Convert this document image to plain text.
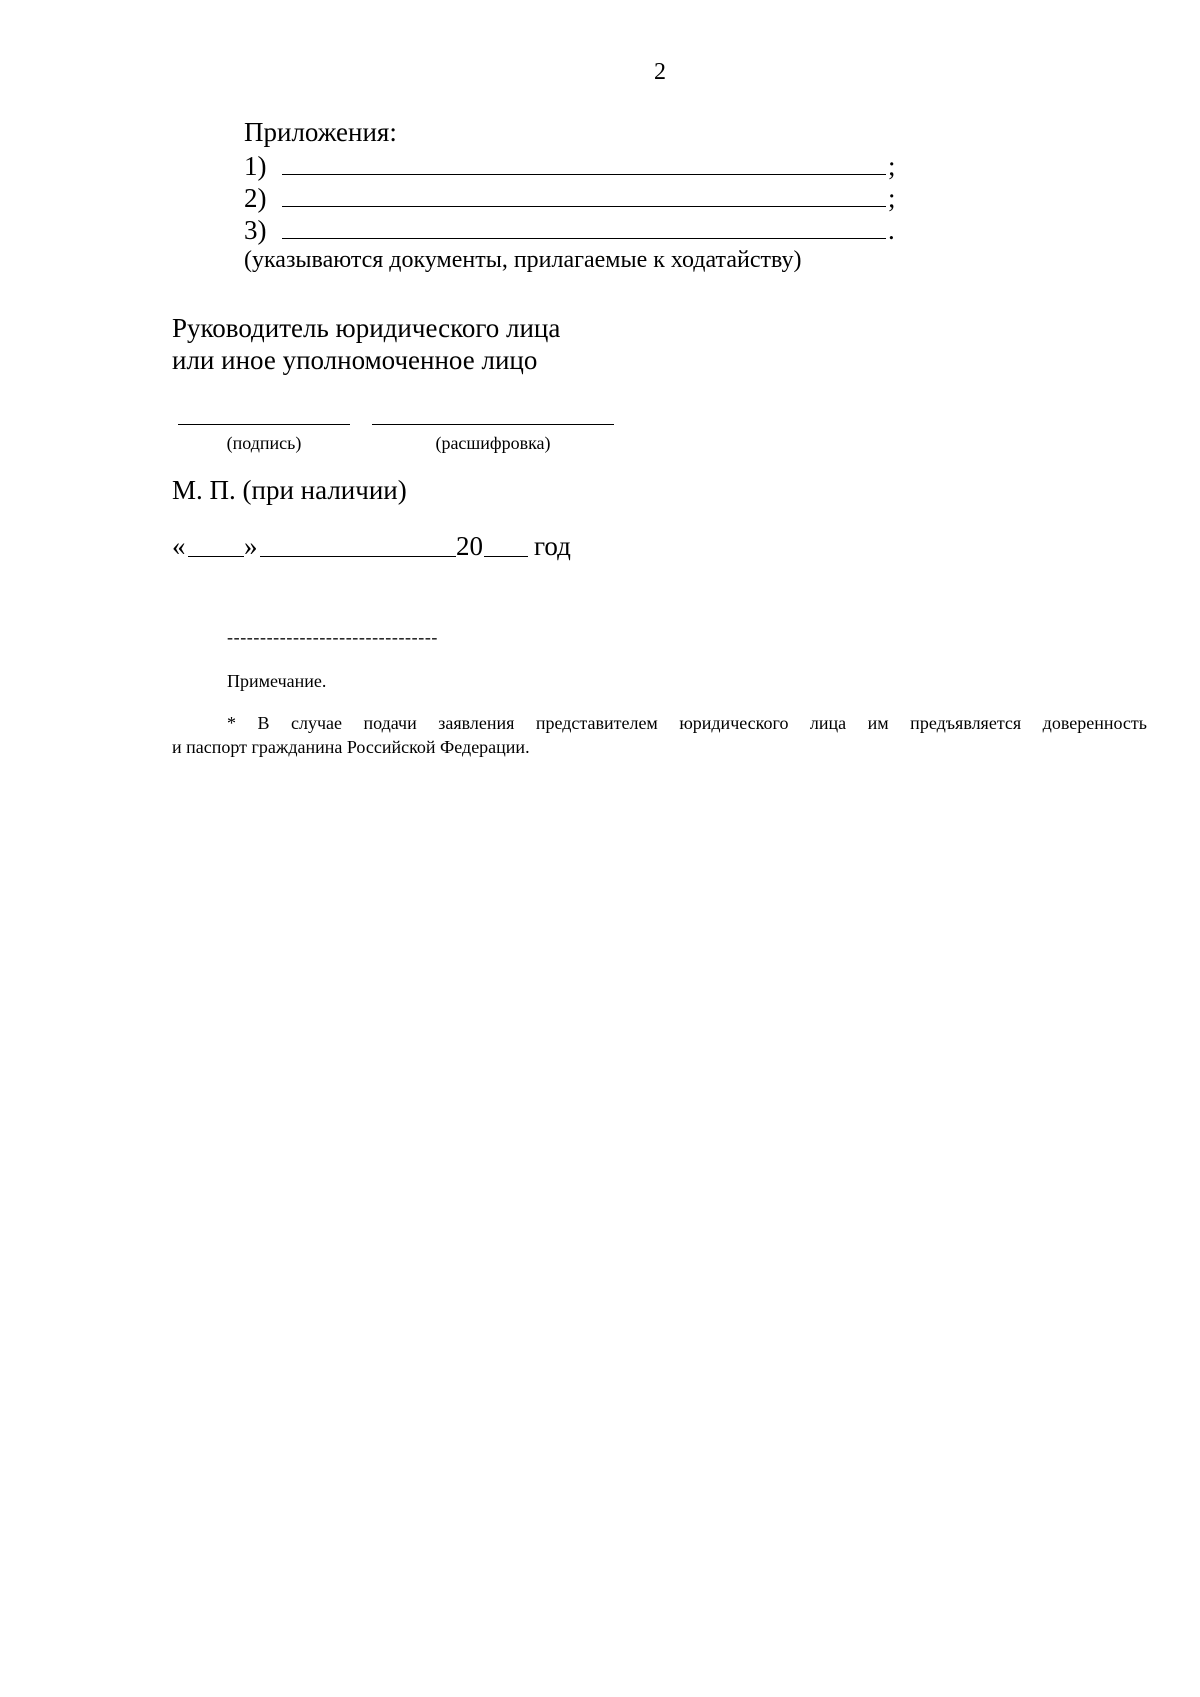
2
Приложения:
1)	;
2)	;
3)	.
(указываются документы, прилагаемые к ходатайству)
Руководитель юридического лица
или иное уполномоченное лицо
(подпись)	(расшифровка)
М. П. (при наличии)
« »	20 год
--------------------------------
Примечание.
* В случае подачи заявления представителем юридического лица им предъявляется доверенность
и паспорт гражданина Российской Федерации.
